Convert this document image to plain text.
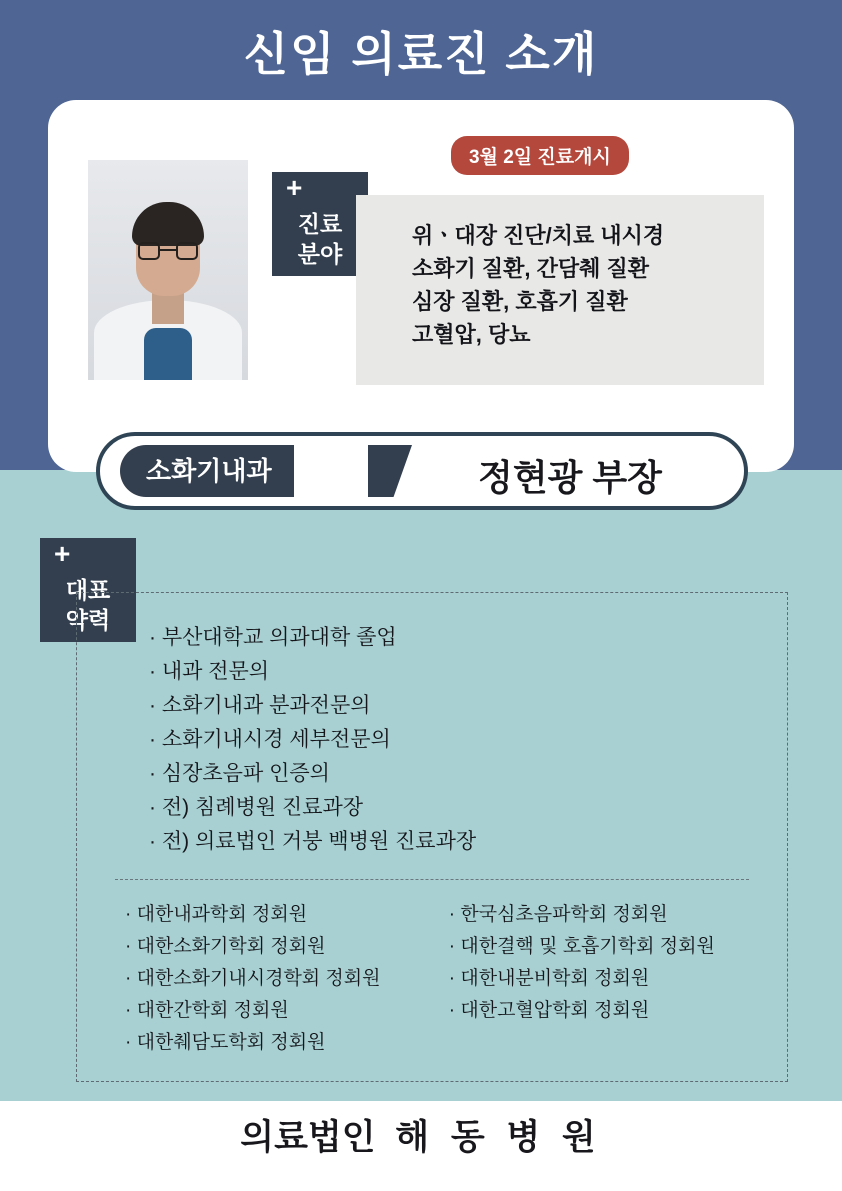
신임 의료진 소개
3월 2일 진료개시
+
진료
분야
위ㆍ대장 진단/치료 내시경
소화기 질환, 간담췌 질환
심장 질환, 호흡기 질환
고혈압, 당뇨
소화기내과	정현광 부장
+
대표
약력
· 부산대학교 의과대학 졸업
· 내과 전문의
· 소화기내과 분과전문의
· 소화기내시경 세부전문의
· 심장초음파 인증의
· 전) 침례병원 진료과장
· 전) 의료법인 거붕 백병원 진료과장
· 대한내과학회 정회원
· 대한소화기학회 정회원
· 대한소화기내시경학회 정회원
· 대한간학회 정회원
· 대한췌담도학회 정회원
· 한국심초음파학회 정회원
· 대한결핵 및 호흡기학회 정회원
· 대한내분비학회 정회원
· 대한고혈압학회 정회원
의료법인 해 동 병 원
